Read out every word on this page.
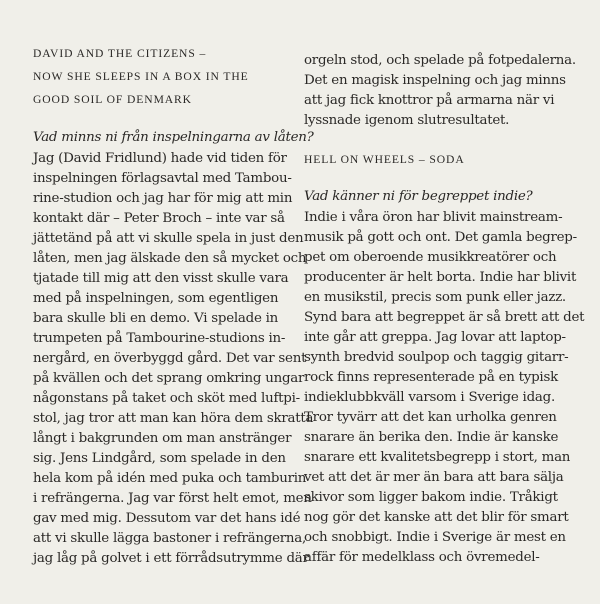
DAVID AND THE CITIZENS –
NOW SHE SLEEPS IN A BOX IN THE
GOOD SOIL OF DENMARK
Vad minns ni från inspelningarna av låten?
Jag (David Fridlund) hade vid tiden för
inspelningen förlagsavtal med Tambou-
rine-studion och jag har för mig att min
kontakt där – Peter Broch – inte var så
jättetänd på att vi skulle spela in just den
låten, men jag älskade den så mycket och
tjatade till mig att den visst skulle vara
med på inspelningen, som egentligen
bara skulle bli en demo. Vi spelade in
trumpeten på Tambourine-studions in-
nergård, en överbyggd gård. Det var sent
på kvällen och det sprang omkring ungar
någonstans på taket och sköt med luftpi-
stol, jag tror att man kan höra dem skratta
långt i bakgrunden om man anstränger
sig. Jens Lindgård, som spelade in den
hela kom på idén med puka och tamburin
i refrängerna. Jag var först helt emot, men
gav med mig. Dessutom var det hans idé
att vi skulle lägga bastoner i refrängerna,
jag låg på golvet i ett förrådsutrymme där
orgeln stod, och spelade på fotpedalerna.
Det en magisk inspelning och jag minns
att jag fick knottror på armarna när vi
lyssnade igenom slutresultatet.
HELL ON WHEELS – SODA
Vad känner ni för begreppet indie?
Indie i våra öron har blivit mainstream-
musik på gott och ont. Det gamla begrep-
pet om oberoende musikkreatörer och
producenter är helt borta. Indie har blivit
en musikstil, precis som punk eller jazz.
Synd bara att begreppet är så brett att det
inte går att greppa. Jag lovar att laptop-
synth bredvid soulpop och taggig gitarr-
rock finns representerade på en typisk
indieklubbkväll varsom i Sverige idag.
Tror tyvärr att det kan urholka genren
snarare än berika den. Indie är kanske
snarare ett kvalitetsbegrepp i stort, man
vet att det är mer än bara att bara sälja
skivor som ligger bakom indie. Tråkigt
nog gör det kanske att det blir för smart
och snobbigt. Indie i Sverige är mest en
affär för medelklass och övremedel-
